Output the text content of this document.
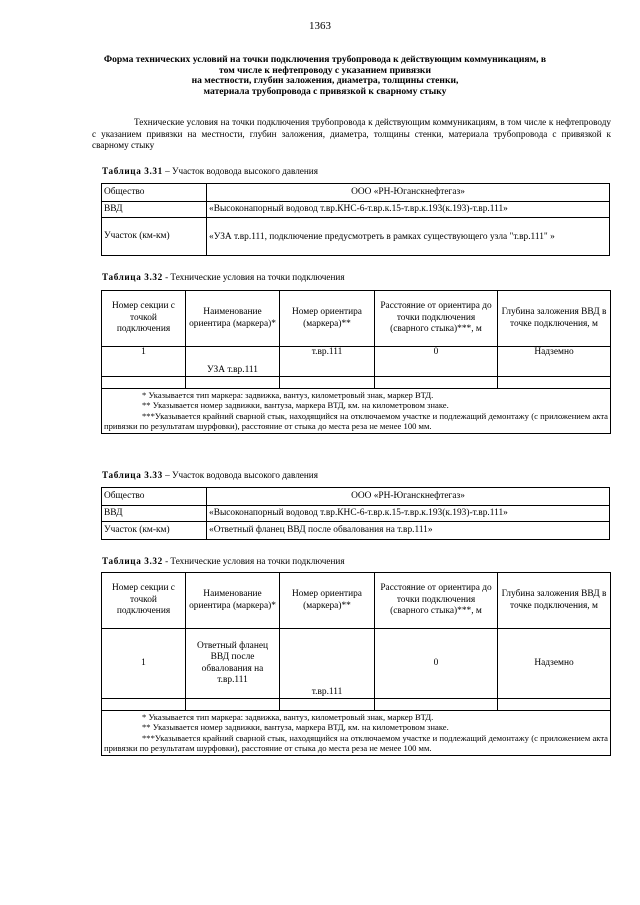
1363
Форма технических условий на точки подключения трубопровода к действующим коммуникациям, в
том числе к нефтепроводу с указанием привязки
на местности, глубин заложения, диаметра, толщины стенки,
материала трубопровода с привязкой к сварному стыку
Технические условия на точки подключения трубопровода к действующим коммуникациям, в том числе к нефтепроводу с указанием привязки на местности, глубин заложения, диаметра, толщины стенки, материала трубопровода с привязкой к сварному стыку
Таблица 3.31 – Участок водовода высокого давления
Общество	ООО «РН-Юганскнефтегаз»
ВВД	«Высоконапорный водовод т.вр.КНС-6-т.вр.к.15-т.вр.к.193(к.193)-т.вр.111»
Участок (км-км)	«УЗА т.вр.111, подключение предусмотреть в рамках существующего узла "т.вр.111" »
Таблица 3.32 - Технические условия на точки подключения
Номер секции с точкой подключения	Наименование ориентира (маркера)*	Номер ориентира (маркера)**	Расстояние от ориентира до точки подключения (сварного стыка)***, м	Глубина заложения ВВД в точке подключения, м
1	УЗА т.вр.111	т.вр.111	0	Надземно

* Указывается тип маркера: задвижка, вантуз, километровый знак, маркер ВТД.
** Указывается номер задвижки, вантуза, маркера ВТД, км. на километровом знаке.
***Указывается крайний сварной стык, находящийся на отключаемом участке и подлежащий демонтажу (с приложением акта привязки по результатам шурфовки), расстояние от стыка до места реза не менее 100 мм.				
Таблица 3.33 – Участок водовода высокого давления
Общество	ООО «РН-Юганскнефтегаз»
ВВД	«Высоконапорный водовод т.вр.КНС-6-т.вр.к.15-т.вр.к.193(к.193)-т.вр.111»
Участок (км-км)	«Ответный фланец ВВД после обвалования на т.вр.111»
Таблица 3.32 - Технические условия на точки подключения
Номер секции с точкой подключения	Наименование ориентира (маркера)*	Номер ориентира (маркера)**	Расстояние от ориентира до точки подключения (сварного стыка)***, м	Глубина заложения ВВД в точке подключения, м
1	Ответный фланец ВВД после обвалования на т.вр.111	т.вр.111	0	Надземно

* Указывается тип маркера: задвижка, вантуз, километровый знак, маркер ВТД.
** Указывается номер задвижки, вантуза, маркера ВТД, км. на километровом знаке.
***Указывается крайний сварной стык, находящийся на отключаемом участке и подлежащий демонтажу (с приложением акта привязки по результатам шурфовки), расстояние от стыка до места реза не менее 100 мм.				
